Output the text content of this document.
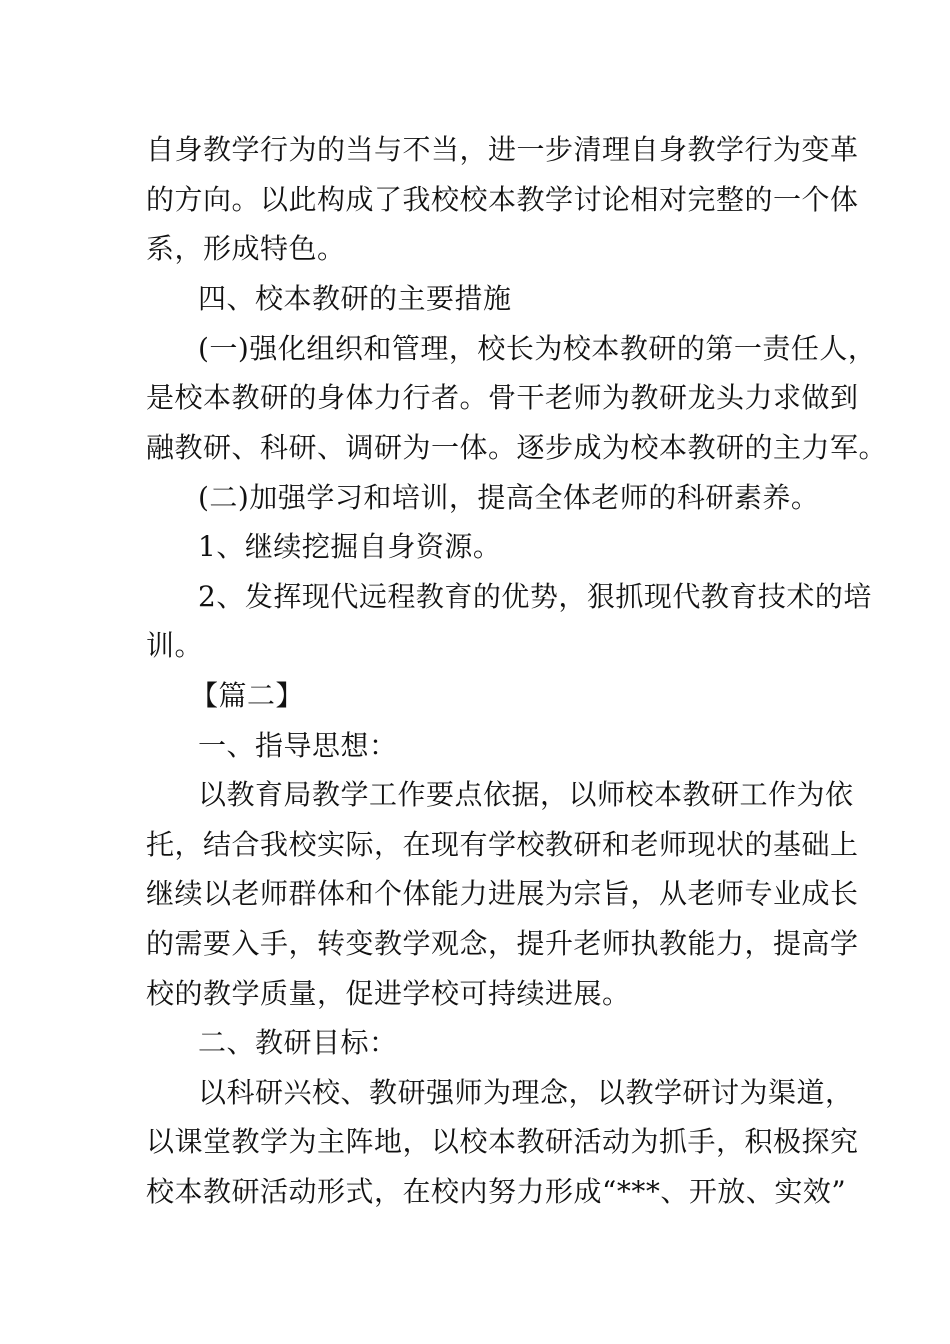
自身教学行为的当与不当，进一步清理自身教学行为变革
的方向。以此构成了我校校本教学讨论相对完整的一个体
系，形成特色。
四、校本教研的主要措施
(一)强化组织和管理，校长为校本教研的第一责任人，
是校本教研的身体力行者。骨干老师为教研龙头力求做到
融教研、科研、调研为一体。逐步成为校本教研的主力军。
(二)加强学习和培训，提高全体老师的科研素养。
1、继续挖掘自身资源。
2、发挥现代远程教育的优势，狠抓现代教育技术的培
训。
【篇二】
一、指导思想：
以教育局教学工作要点依据，以师校本教研工作为依
托，结合我校实际，在现有学校教研和老师现状的基础上
继续以老师群体和个体能力进展为宗旨，从老师专业成长
的需要入手，转变教学观念，提升老师执教能力，提高学
校的教学质量，促进学校可持续进展。
二、教研目标：
以科研兴校、教研强师为理念，以教学研讨为渠道，
以课堂教学为主阵地，以校本教研活动为抓手，积极探究
校本教研活动形式，在校内努力形成“***、开放、实效”
